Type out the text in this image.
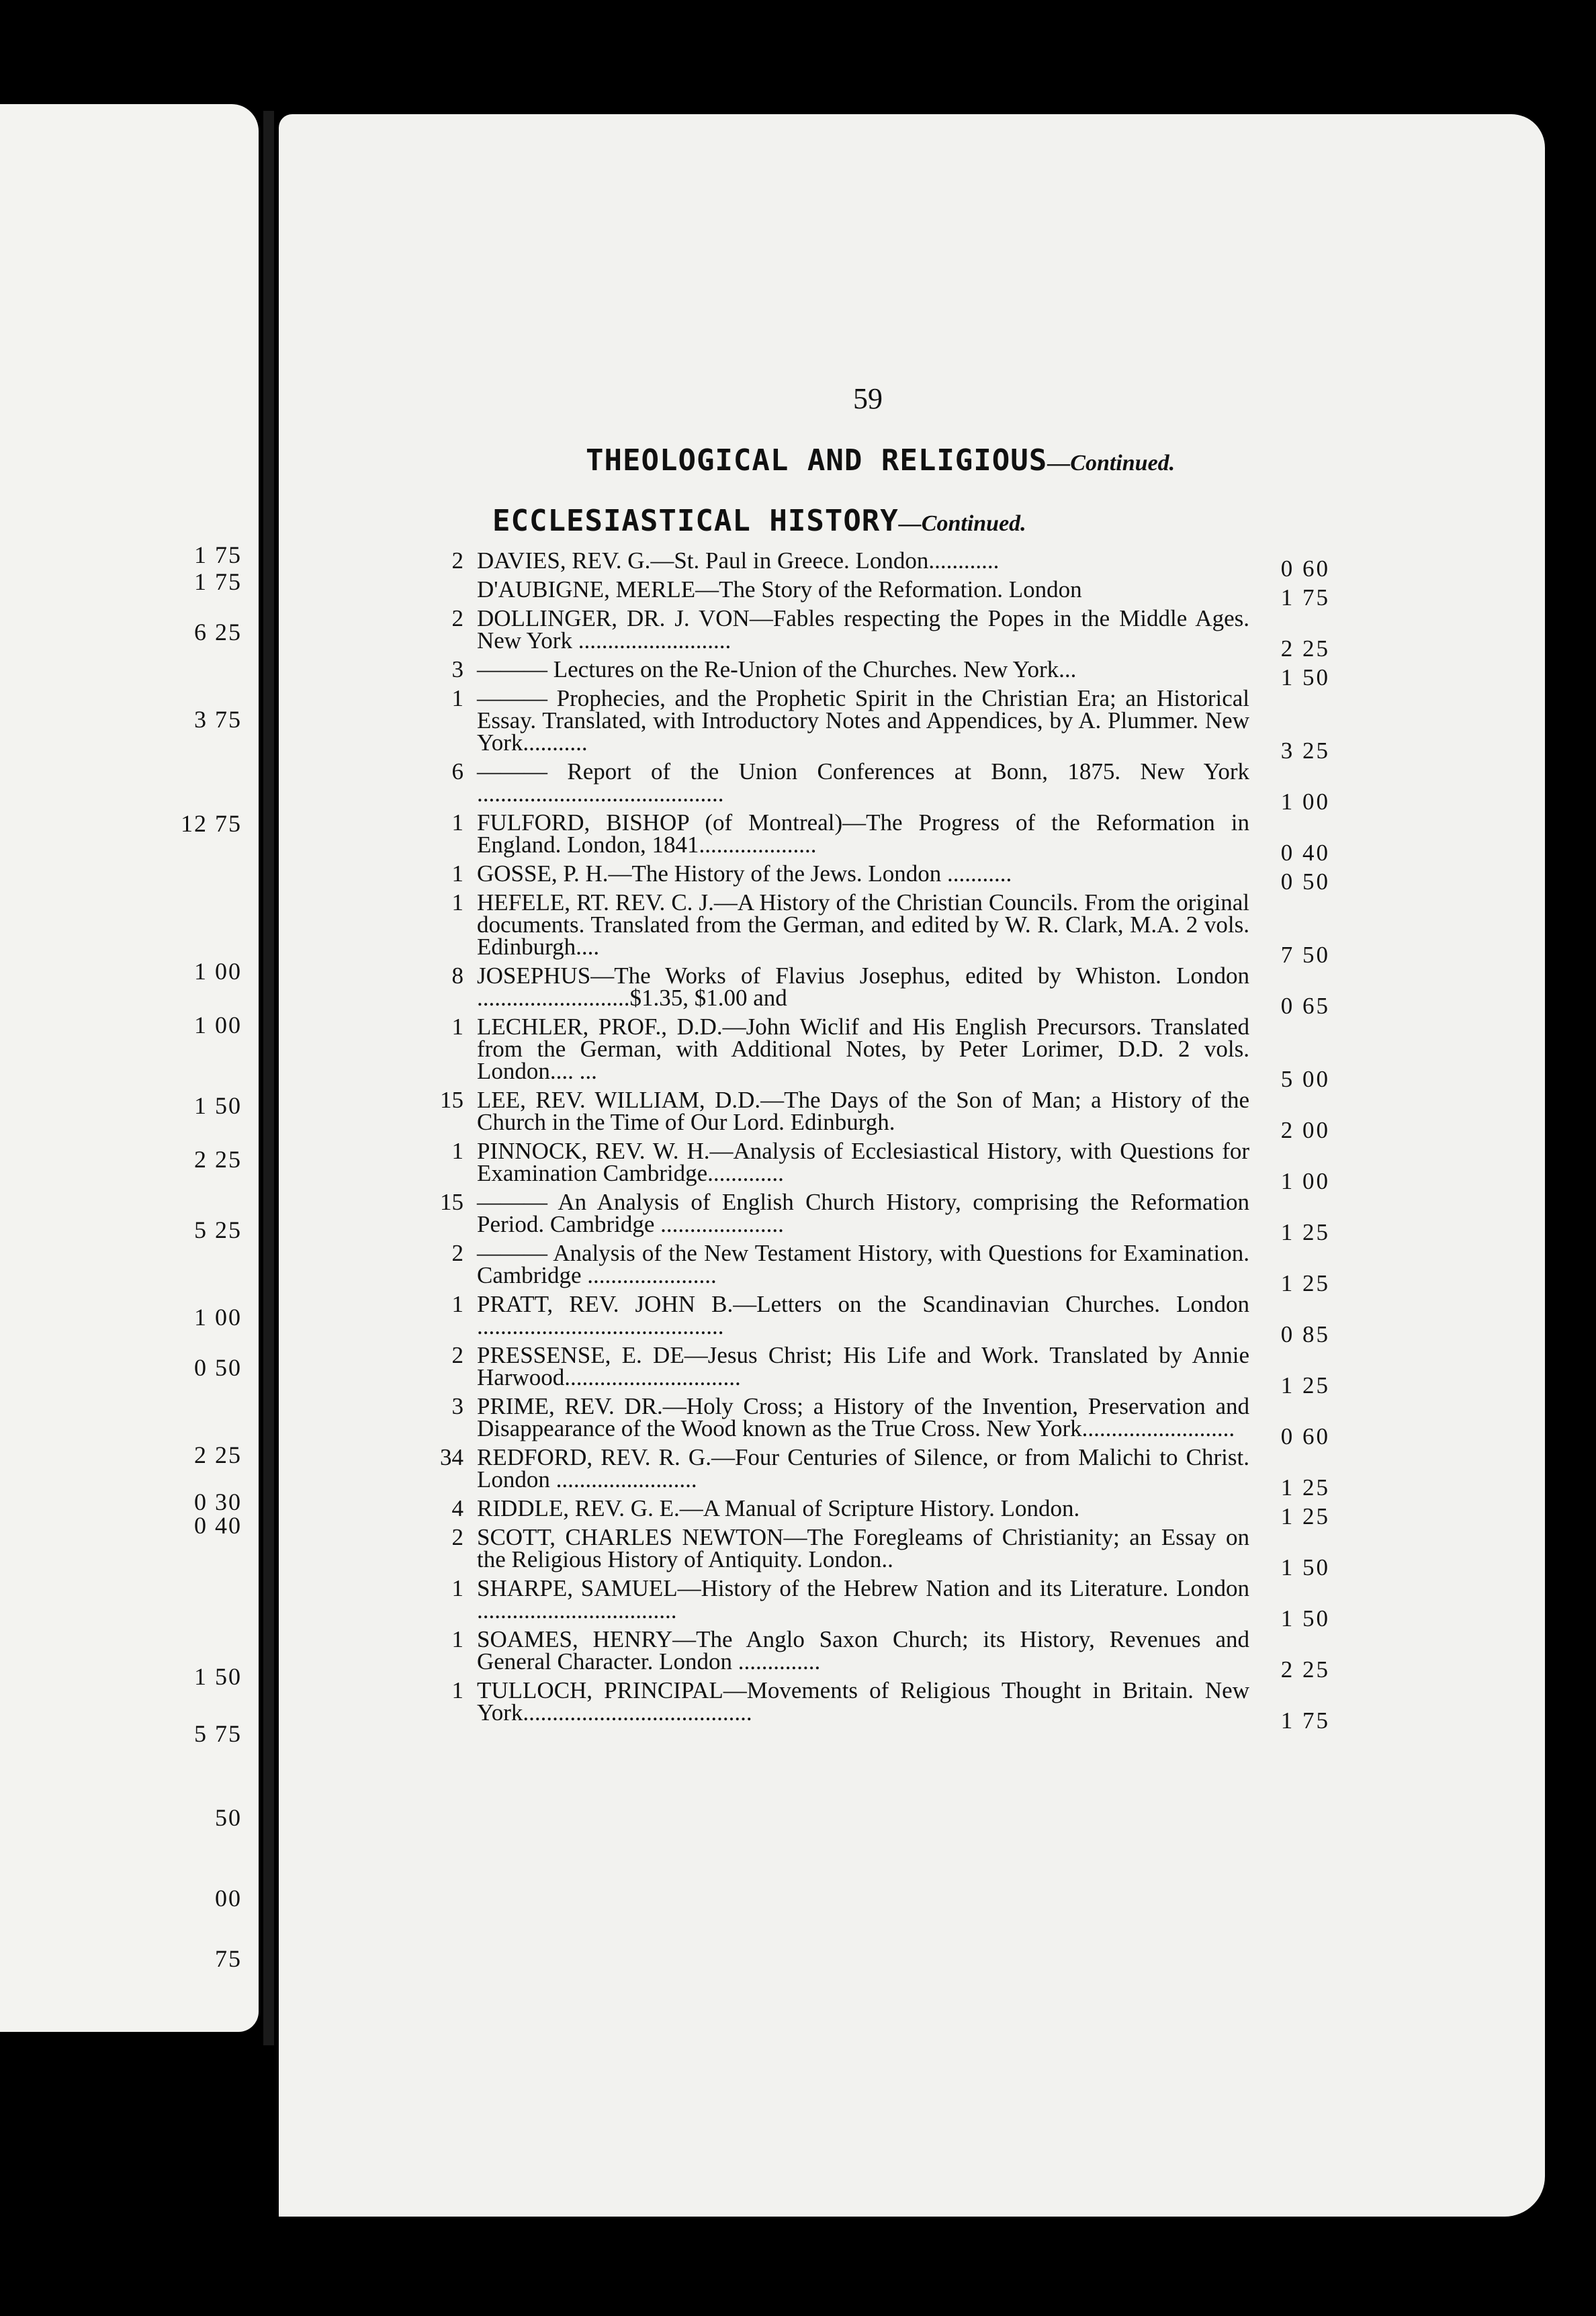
1 75
1 75
6 25
3 75
12 75
1 00
1 00
1 50
2 25
5 25
1 00
0 50
2 25
0 30
0 40
1 50
5 75
50
00
75
59
THEOLOGICAL AND RELIGIOUS—Continued.
ECCLESIASTICAL HISTORY—Continued.
2 DAVIES, REV. G.—St. Paul in Greece. London............	0 60
D'AUBIGNE, MERLE—The Story of the Reformation. London	1 75
2 DOLLINGER, DR. J. VON—Fables respecting the Popes in the Middle Ages. New York ..........................	2 25
3 ——— Lectures on the Re-Union of the Churches. New York...	1 50
1 ——— Prophecies, and the Prophetic Spirit in the Christian Era; an Historical Essay. Translated, with Introductory Notes and Appendices, by A. Plummer. New York...........	3 25
6 ——— Report of the Union Conferences at Bonn, 1875. New York ..........................................	1 00
1 FULFORD, BISHOP (of Montreal)—The Progress of the Reformation in England. London, 1841....................	0 40
1 GOSSE, P. H.—The History of the Jews. London ...........	0 50
1 HEFELE, RT. REV. C. J.—A History of the Christian Councils. From the original documents. Translated from the German, and edited by W. R. Clark, M.A. 2 vols. Edinburgh....	7 50
8 JOSEPHUS—The Works of Flavius Josephus, edited by Whiston. London ..........................$1.35, $1.00 and	0 65
1 LECHLER, PROF., D.D.—John Wiclif and His English Precursors. Translated from the German, with Additional Notes, by Peter Lorimer, D.D. 2 vols. London.... ...	5 00
15 LEE, REV. WILLIAM, D.D.—The Days of the Son of Man; a History of the Church in the Time of Our Lord. Edinburgh.	2 00
1 PINNOCK, REV. W. H.—Analysis of Ecclesiastical History, with Questions for Examination Cambridge.............	1 00
15 ——— An Analysis of English Church History, comprising the Reformation Period. Cambridge .....................	1 25
2 ——— Analysis of the New Testament History, with Questions for Examination. Cambridge ......................	1 25
1 PRATT, REV. JOHN B.—Letters on the Scandinavian Churches. London ..........................................	0 85
2 PRESSENSE, E. DE—Jesus Christ; His Life and Work. Translated by Annie Harwood..............................	1 25
3 PRIME, REV. DR.—Holy Cross; a History of the Invention, Preservation and Disappearance of the Wood known as the True Cross. New York..........................	0 60
34 REDFORD, REV. R. G.—Four Centuries of Silence, or from Malichi to Christ. London ........................	1 25
4 RIDDLE, REV. G. E.—A Manual of Scripture History. London.	1 25
2 SCOTT, CHARLES NEWTON—The Foregleams of Christianity; an Essay on the Religious History of Antiquity. London..	1 50
1 SHARPE, SAMUEL—History of the Hebrew Nation and its Literature. London ..................................	1 50
1 SOAMES, HENRY—The Anglo Saxon Church; its History, Revenues and General Character. London ..............	2 25
1 TULLOCH, PRINCIPAL—Movements of Religious Thought in Britain. New York.......................................	1 75
